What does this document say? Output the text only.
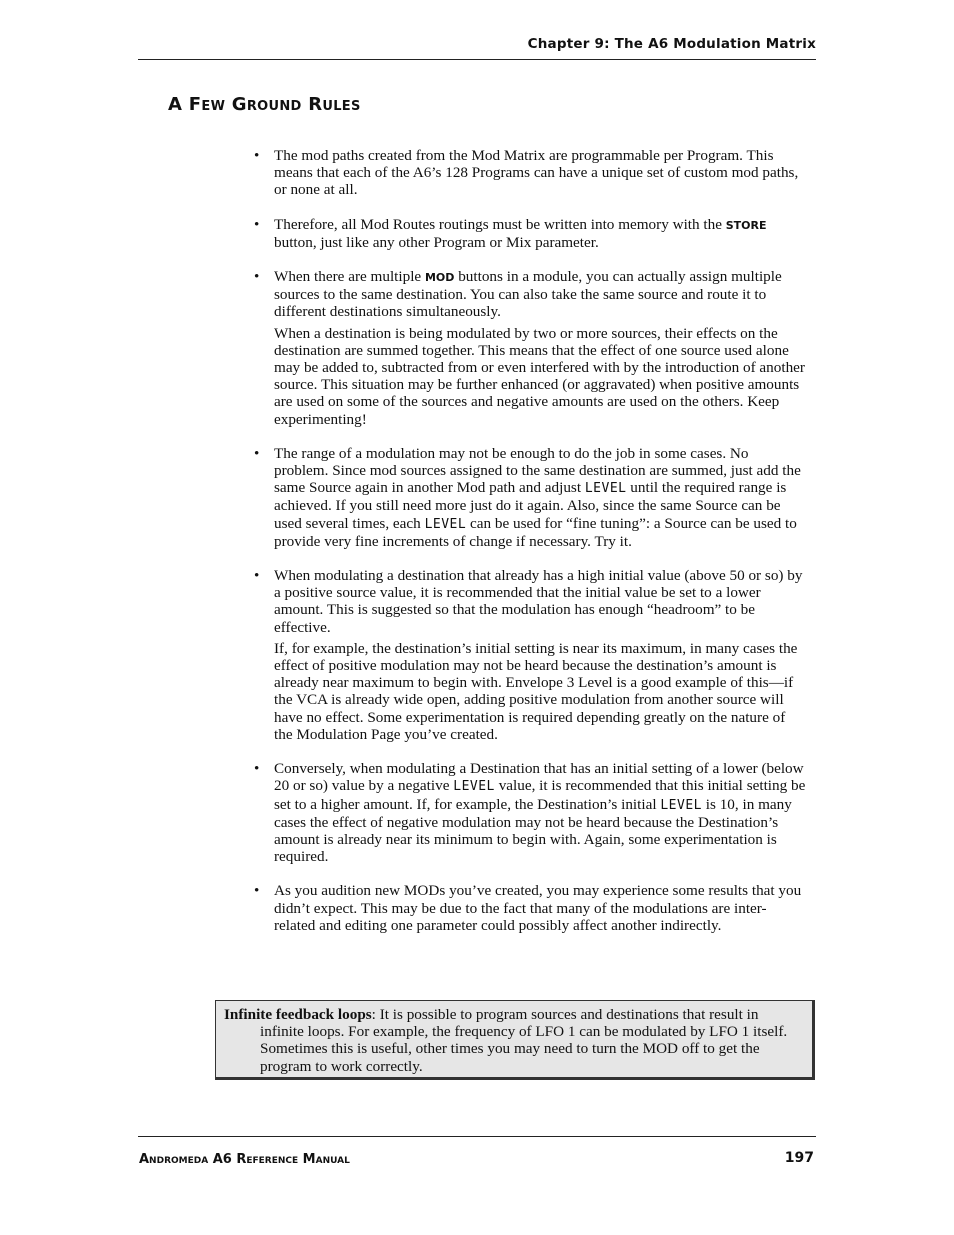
Chapter 9: The A6 Modulation Matrix
A Few Ground Rules
• The mod paths created from the Mod Matrix are programmable per Program. This means that each of the A6’s 128 Programs can have a unique set of custom mod paths, or none at all.

• Therefore, all Mod Routes routings must be written into memory with the STORE button, just like any other Program or Mix parameter.

• When there are multiple MOD buttons in a module, you can actually assign multiple sources to the same destination. You can also take the same source and route it to different destinations simultaneously.

When a destination is being modulated by two or more sources, their effects on the destination are summed together. This means that the effect of one source used alone may be added to, subtracted from or even interfered with by the introduction of another source. This situation may be further enhanced (or aggravated) when positive amounts are used on some of the sources and negative amounts are used on the others. Keep experimenting!

• The range of a modulation may not be enough to do the job in some cases. No problem. Since mod sources assigned to the same destination are summed, just add the same Source again in another Mod path and adjust LEVEL until the required range is achieved. If you still need more just do it again. Also, since the same Source can be used several times, each LEVEL can be used for “fine tuning”: a Source can be used to provide very fine increments of change if necessary. Try it.

• When modulating a destination that already has a high initial value (above 50 or so) by a positive source value, it is recommended that the initial value be set to a lower amount. This is suggested so that the modulation has enough “headroom” to be effective.

If, for example, the destination’s initial setting is near its maximum, in many cases the effect of positive modulation may not be heard because the destination’s amount is already near maximum to begin with. Envelope 3 Level is a good example of this—if the VCA is already wide open, adding positive modulation from another source will have no effect. Some experimentation is required depending greatly on the nature of the Modulation Page you’ve created.

• Conversely, when modulating a Destination that has an initial setting of a lower (below 20 or so) value by a negative LEVEL value, it is recommended that this initial setting be set to a higher amount. If, for example, the Destination’s initial LEVEL is 10, in many cases the effect of negative modulation may not be heard because the Destination’s amount is already near its minimum to begin with. Again, some experimentation is required.

• As you audition new MODs you’ve created, you may experience some results that you didn’t expect. This may be due to the fact that many of the modulations are inter-related and editing one parameter could possibly affect another indirectly.

Infinite feedback loops: It is possible to program sources and destinations that result in infinite loops. For example, the frequency of LFO 1 can be modulated by LFO 1 itself. Sometimes this is useful, other times you may need to turn the MOD off to get the program to work correctly.

Andromeda A6 Reference Manual	197
